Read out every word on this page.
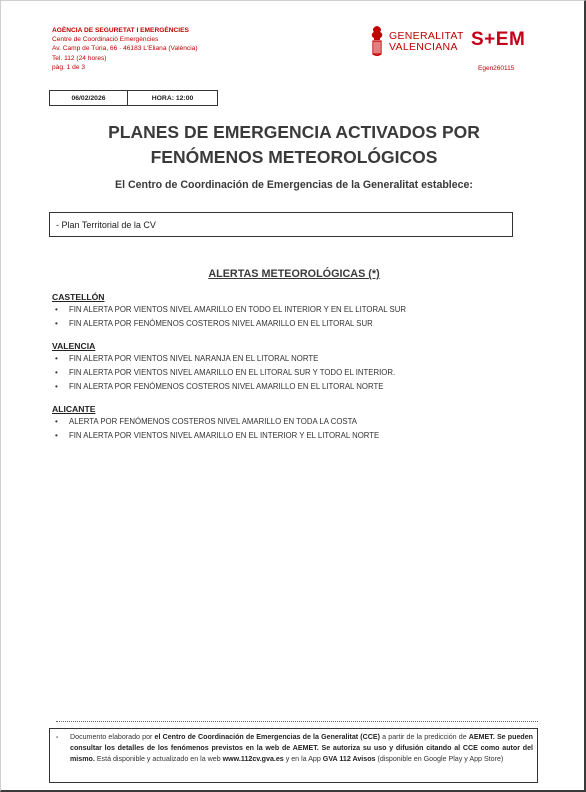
AGÈNCIA DE SEGURETAT I EMERGÈNCIES
Centre de Coordinació Emergències
Av. Camp de Túria, 66 · 46183 L'Eliana (València)
Tel. 112 (24 hores)
pàg. 1 de 3
GENERALITAT
VALENCIANA S+EM
Egen260115
06/02/2026	HORA: 12:00
PLANES DE EMERGENCIA ACTIVADOS POR
FENÓMENOS METEOROLÓGICOS
El Centro de Coordinación de Emergencias de la Generalitat establece:
- Plan Territorial de la CV
ALERTAS METEOROLÓGICAS (*)
CASTELLÓN
• FIN ALERTA POR VIENTOS NIVEL AMARILLO EN TODO EL INTERIOR Y EN EL LITORAL SUR
• FIN ALERTA POR FENÓMENOS COSTEROS NIVEL AMARILLO EN EL LITORAL SUR
VALENCIA
• FIN ALERTA POR VIENTOS NIVEL NARANJA EN EL LITORAL NORTE
• FIN ALERTA POR VIENTOS NIVEL AMARILLO EN EL LITORAL SUR Y TODO EL INTERIOR.
• FIN ALERTA POR FENÓMENOS COSTEROS NIVEL AMARILLO EN EL LITORAL NORTE
ALICANTE
• ALERTA POR FENÓMENOS COSTEROS NIVEL AMARILLO EN TODA LA COSTA
• FIN ALERTA POR VIENTOS NIVEL AMARILLO EN EL INTERIOR Y EL LITORAL NORTE
- Documento elaborado por el Centro de Coordinación de Emergencias de la Generalitat (CCE) a partir de la predicción de AEMET. Se pueden consultar los detalles de los fenómenos previstos en la web de AEMET. Se autoriza su uso y difusión citando al CCE como autor del mismo. Está disponible y actualizado en la web www.112cv.gva.es y en la App GVA 112 Avisos (disponible en Google Play y App Store)
